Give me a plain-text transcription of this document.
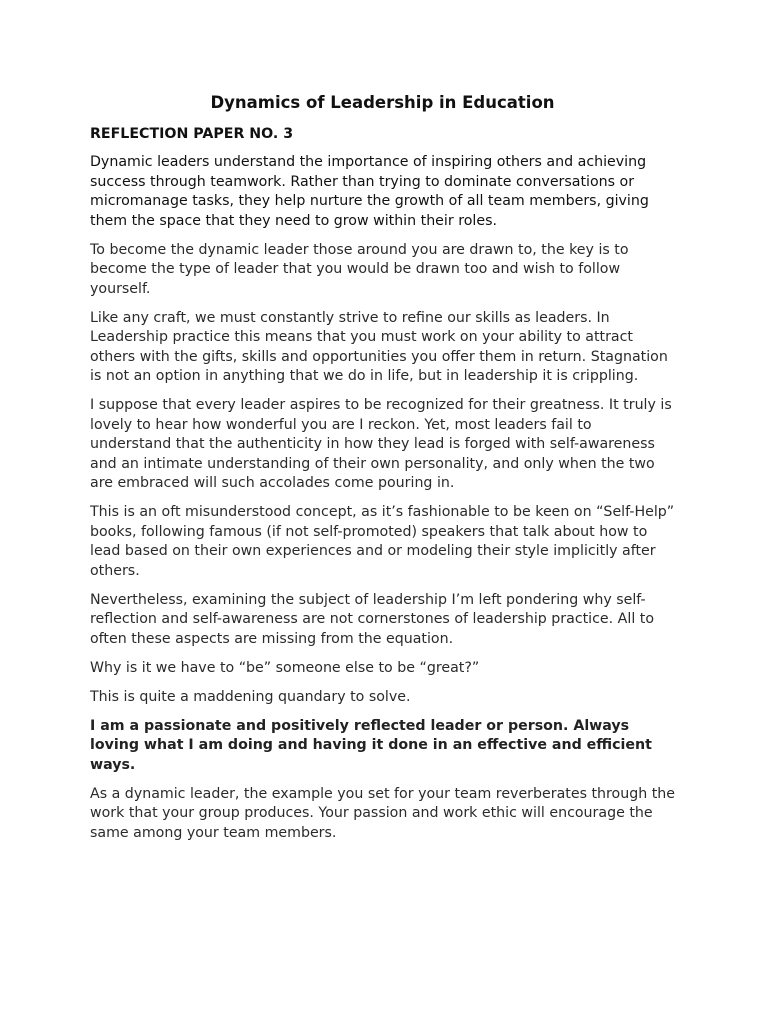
Dynamics of Leadership in Education
REFLECTION PAPER NO. 3

Dynamic leaders understand the importance of inspiring others and achieving success through teamwork. Rather than trying to dominate conversations or micromanage tasks, they help nurture the growth of all team members, giving them the space that they need to grow within their roles.

To become the dynamic leader those around you are drawn to, the key is to become the type of leader that you would be drawn too and wish to follow yourself.

Like any craft, we must constantly strive to refine our skills as leaders. In Leadership practice this means that you must work on your ability to attract others with the gifts, skills and opportunities you offer them in return. Stagnation is not an option in anything that we do in life, but in leadership it is crippling.

I suppose that every leader aspires to be recognized for their greatness. It truly is lovely to hear how wonderful you are I reckon. Yet, most leaders fail to understand that the authenticity in how they lead is forged with self-awareness and an intimate understanding of their own personality, and only when the two are embraced will such accolades come pouring in.

This is an oft misunderstood concept, as it’s fashionable to be keen on “Self-Help” books, following famous (if not self-promoted) speakers that talk about how to lead based on their own experiences and or modeling their style implicitly after others.

Nevertheless, examining the subject of leadership I’m left pondering why self-reflection and self-awareness are not cornerstones of leadership practice. All to often these aspects are missing from the equation.

Why is it we have to “be” someone else to be “great?”

This is quite a maddening quandary to solve.

I am a passionate and positively reflected leader or person. Always loving what I am doing and having it done in an effective and efficient ways.

As a dynamic leader, the example you set for your team reverberates through the work that your group produces. Your passion and work ethic will encourage the same among your team members.
